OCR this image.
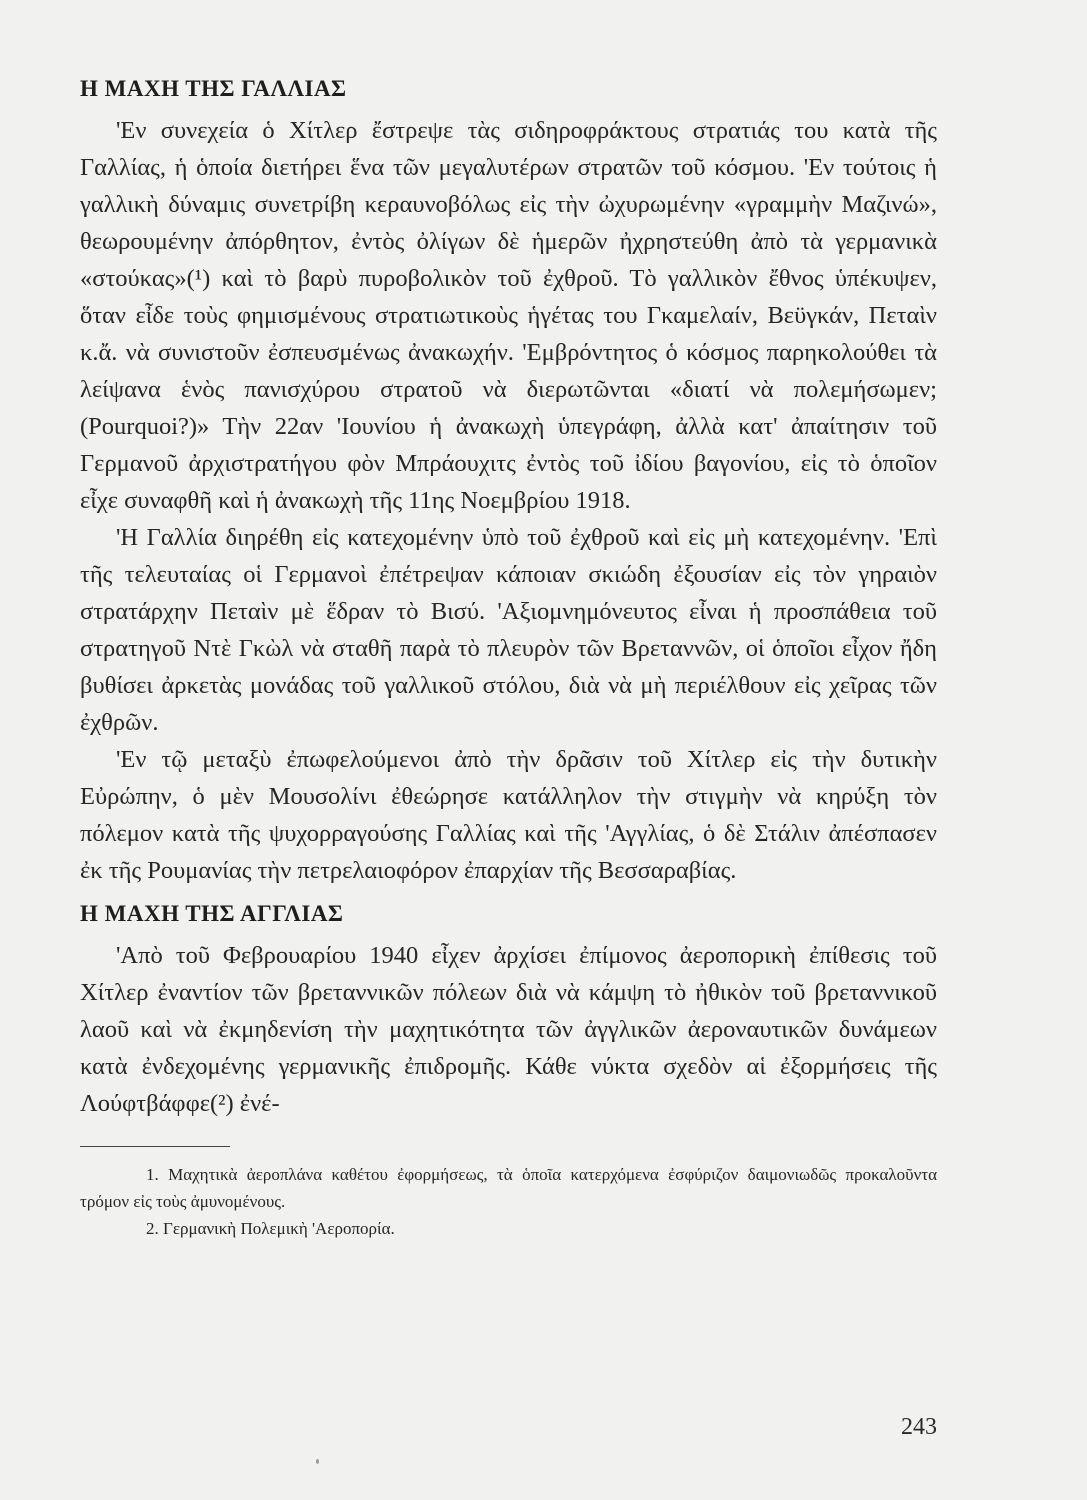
Η ΜΑΧΗ ΤΗΣ ΓΑΛΛΙΑΣ

'Εν συνεχεία ὁ Χίτλερ ἔστρεψε τὰς σιδηροφράκτους στρατιάς του κατὰ τῆς Γαλλίας, ἡ ὁποία διετήρει ἕνα τῶν μεγαλυτέρων στρατῶν τοῦ κόσμου. 'Εν τούτοις ἡ γαλλικὴ δύναμις συνετρίβη κεραυνοβόλως εἰς τὴν ὠχυρωμένην «γραμμὴν Μαζινώ», θεωρουμένην ἀπόρθητον, ἐντὸς ὀλίγων δὲ ἡμερῶν ἠχρηστεύθη ἀπὸ τὰ γερμανικὰ «στούκας»(¹) καὶ τὸ βαρὺ πυροβολικὸν τοῦ ἐχθροῦ. Τὸ γαλλικὸν ἔθνος ὑπέκυψεν, ὅταν εἶδε τοὺς φημισμένους στρατιωτικοὺς ἡγέτας του Γκαμελαίν, Βεϋγκάν, Πεταὶν κ.ἄ. νὰ συνιστοῦν ἐσπευσμένως ἀνακωχήν. 'Εμβρόντητος ὁ κόσμος παρηκολούθει τὰ λείψανα ἑνὸς πανισχύρου στρατοῦ νὰ διερωτῶνται «διατί νὰ πολεμήσωμεν; (Pourquoi?)» Τὴν 22αν 'Ιουνίου ἡ ἀνακωχὴ ὑπεγράφη, ἀλλὰ κατ' ἀπαίτησιν τοῦ Γερμανοῦ ἀρχιστρατήγου φὸν Μπράουχιτς ἐντὸς τοῦ ἰδίου βαγονίου, εἰς τὸ ὁποῖον εἶχε συναφθῆ καὶ ἡ ἀνακωχὴ τῆς 11ης Νοεμβρίου 1918.

'Η Γαλλία διηρέθη εἰς κατεχομένην ὑπὸ τοῦ ἐχθροῦ καὶ εἰς μὴ κατεχομένην. 'Επὶ τῆς τελευταίας οἱ Γερμανοὶ ἐπέτρεψαν κάποιαν σκιώδη ἐξουσίαν εἰς τὸν γηραιὸν στρατάρχην Πεταὶν μὲ ἕδραν τὸ Βισύ. 'Αξιομνημόνευτος εἶναι ἡ προσπάθεια τοῦ στρατηγοῦ Ντὲ Γκὼλ νὰ σταθῆ παρὰ τὸ πλευρὸν τῶν Βρεταννῶν, οἱ ὁποῖοι εἶχον ἤδη βυθίσει ἀρκετὰς μονάδας τοῦ γαλλικοῦ στόλου, διὰ νὰ μὴ περιέλθουν εἰς χεῖρας τῶν ἐχθρῶν.

'Εν τῷ μεταξὺ ἐπωφελούμενοι ἀπὸ τὴν δρᾶσιν τοῦ Χίτλερ εἰς τὴν δυτικὴν Εὐρώπην, ὁ μὲν Μουσολίνι ἐθεώρησε κατάλληλον τὴν στιγμὴν νὰ κηρύξη τὸν πόλεμον κατὰ τῆς ψυχορραγούσης Γαλλίας καὶ τῆς 'Αγγλίας, ὁ δὲ Στάλιν ἀπέσπασεν ἐκ τῆς Ρουμανίας τὴν πετρελαιοφόρον ἐπαρχίαν τῆς Βεσσαραβίας.

Η ΜΑΧΗ ΤΗΣ ΑΓΓΛΙΑΣ

'Απὸ τοῦ Φεβρουαρίου 1940 εἶχεν ἀρχίσει ἐπίμονος ἀεροπορικὴ ἐπίθεσις τοῦ Χίτλερ ἐναντίον τῶν βρεταννικῶν πόλεων διὰ νὰ κάμψη τὸ ἠθικὸν τοῦ βρεταννικοῦ λαοῦ καὶ νὰ ἐκμηδενίση τὴν μαχητικότητα τῶν ἀγγλικῶν ἀεροναυτικῶν δυνάμεων κατὰ ἐνδεχομένης γερμανικῆς ἐπιδρομῆς. Κάθε νύκτα σχεδὸν αἱ ἐξορμήσεις τῆς Λούφτβάφφε(²) ἐνέ-

1. Μαχητικὰ ἀεροπλάνα καθέτου ἐφορμήσεως, τὰ ὁποῖα κατερχόμενα ἐσφύριζον δαιμονιωδῶς προκαλοῦντα τρόμον εἰς τοὺς ἀμυνομένους.

2. Γερμανικὴ Πολεμικὴ 'Αεροπορία.

243
